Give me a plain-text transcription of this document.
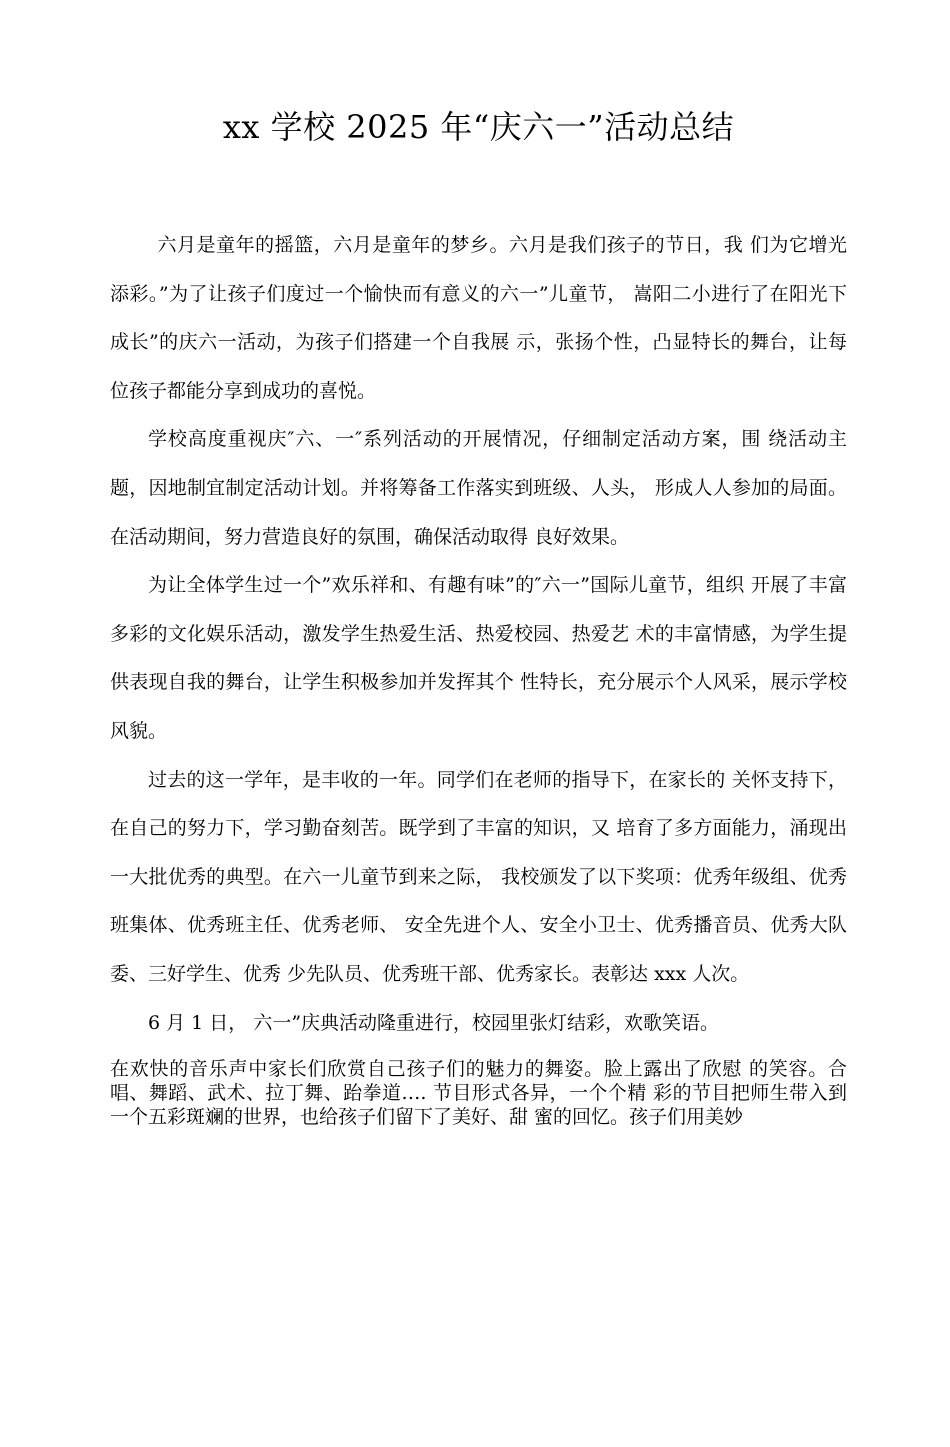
xx 学校 2025 年“庆六一”活动总结

六月是童年的摇篮，六月是童年的梦乡。六月是我们孩子的节日，我 们为它增光添彩。”为了让孩子们度过一个愉快而有意义的六一”儿童节， 嵩阳二小进行了在阳光下成长”的庆六一活动，为孩子们搭建一个自我展 示，张扬个性，凸显特长的舞台，让每位孩子都能分享到成功的喜悦。

学校高度重视庆″六、一″系列活动的开展情况，仔细制定活动方案，围 绕活动主题，因地制宜制定活动计划。并将筹备工作落实到班级、人头， 形成人人参加的局面。在活动期间，努力营造良好的氛围，确保活动取得 良好效果。

为让全体学生过一个”欢乐祥和、有趣有味”的″六一”国际儿童节，组织 开展了丰富多彩的文化娱乐活动，激发学生热爱生活、热爱校园、热爱艺 术的丰富情感，为学生提供表现自我的舞台，让学生积极参加并发挥其个 性特长，充分展示个人风采，展示学校风貌。

过去的这一学年，是丰收的一年。同学们在老师的指导下，在家长的 关怀支持下，在自己的努力下，学习勤奋刻苦。既学到了丰富的知识，又 培育了多方面能力，涌现出一大批优秀的典型。在六一儿童节到来之际， 我校颁发了以下奖项：优秀年级组、优秀班集体、优秀班主任、优秀老师、 安全先进个人、安全小卫士、优秀播音员、优秀大队委、三好学生、优秀 少先队员、优秀班干部、优秀家长。表彰达 xxx 人次。

6 月 1 日， 六一”庆典活动隆重进行，校园里张灯结彩，欢歌笑语。

在欢快的音乐声中家长们欣赏自己孩子们的魅力的舞姿。脸上露出了欣慰 的笑容。合唱、舞蹈、武术、拉丁舞、跆拳道…. 节目形式各异，一个个精 彩的节目把师生带入到一个五彩斑斓的世界，也给孩子们留下了美好、甜 蜜的回忆。孩子们用美妙
